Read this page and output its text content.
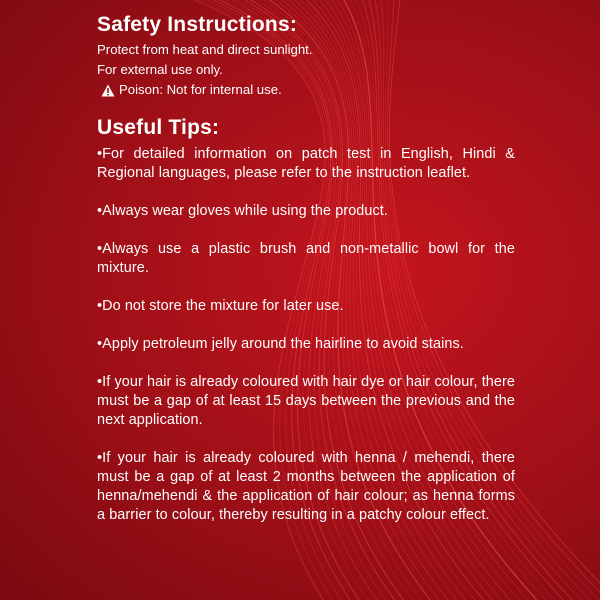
Safety Instructions:

Protect from heat and direct sunlight.

For external use only.

Poison: Not for internal use.

Useful Tips:

•For detailed information on patch test in English, Hindi & Regional languages, please refer to the instruction leaflet.

•Always wear gloves while using the product.

•Always use a plastic brush and non-metallic bowl for the mixture.

•Do not store the mixture for later use.

•Apply petroleum jelly around the hairline to avoid stains.

•If your hair is already coloured with hair dye or hair colour, there must be a gap of at least 15 days between the previous and the next application.

•If your hair is already coloured with henna / mehendi, there must be a gap of at least 2 months between the application of henna/mehendi & the application of hair colour; as henna forms a barrier to colour, thereby resulting in a patchy colour effect.
